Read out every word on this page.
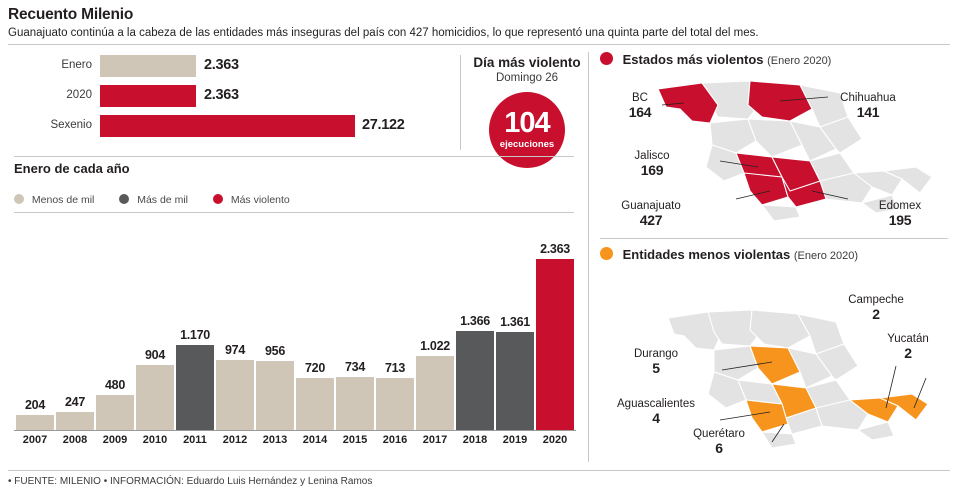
Recuento Milenio
Guanajuato continúa a la cabeza de las entidades más inseguras del país con 427 homicidios, lo que representó una quinta parte del total del mes.
Enero	2.363
2020	2.363
Sexenio	27.122
Día más violento
Domingo 26
104
ejecuciones
Enero de cada año
Menos de mil	Más de mil	Más violento
204	247
480
904
1.170
974	956
720	734	713
1.022
1.366 1.361
2.363
2007	2008	2009	2010	2011	2012	2013	2014	2015	2016	2017	2018	2019	2020
Estados más violentos (Enero 2020)
BC
164
Chihuahua
141
Jalisco
169
Guanajuato
427
Edomex
195
Entidades menos violentas (Enero 2020)
Durango
5
Aguascalientes
4
Querétaro
6
Campeche
2
Yucatán
2
• FUENTE: MILENIO • INFORMACIÓN: Eduardo Luis Hernández y Lenina Ramos
